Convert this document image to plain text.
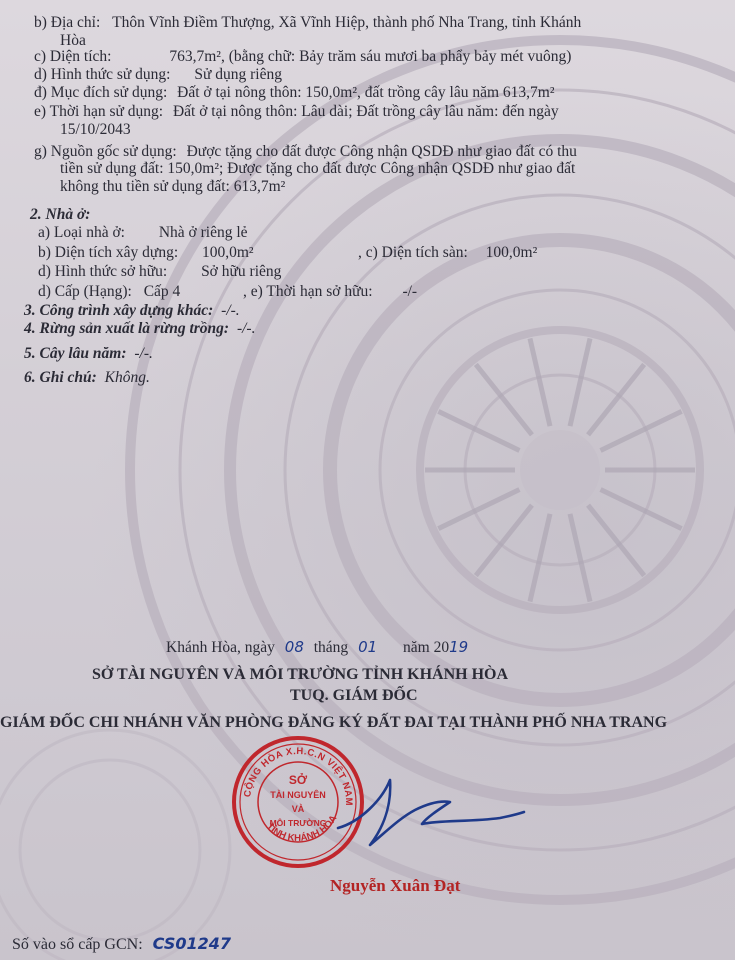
b) Địa chỉ: Thôn Vĩnh Điềm Thượng, Xã Vĩnh Hiệp, thành phố Nha Trang, tỉnh Khánh
Hòa
c) Diện tích:	763,7m², (bằng chữ: Bảy trăm sáu mươi ba phẩy bảy mét vuông)
d) Hình thức sử dụng: Sử dụng riêng
đ) Mục đích sử dụng: Đất ở tại nông thôn: 150,0m², đất trồng cây lâu năm 613,7m²
e) Thời hạn sử dụng: Đất ở tại nông thôn: Lâu dài; Đất trồng cây lâu năm: đến ngày
15/10/2043
g) Nguồn gốc sử dụng: Được tặng cho đất được Công nhận QSDĐ như giao đất có thu
tiền sử dụng đất: 150,0m²; Được tặng cho đất được Công nhận QSDĐ như giao đất
không thu tiền sử dụng đất: 613,7m²
2. Nhà ở:
a) Loại nhà ở: Nhà ở riêng lẻ
b) Diện tích xây dựng: 100,0m²	, c) Diện tích sàn: 100,0m²
d) Hình thức sở hữu: Sở hữu riêng
d) Cấp (Hạng): Cấp 4	, e) Thời hạn sở hữu: -/-
3. Công trình xây dựng khác: -/-.
4. Rừng sản xuất là rừng trồng: -/-.
5. Cây lâu năm: -/-.
6. Ghi chú: Không.
Khánh Hòa, ngày 08 tháng 01 năm 2019
SỞ TÀI NGUYÊN VÀ MÔI TRƯỜNG TỈNH KHÁNH HÒA
TUQ. GIÁM ĐỐC
GIÁM ĐỐC CHI NHÁNH VĂN PHÒNG ĐĂNG KÝ ĐẤT ĐAI TẠI THÀNH PHỐ NHA TRANG
CỘNG HÒA X.H.C.N VIỆT NAM
TỈNH KHÁNH HÒA
SỞ
TÀI NGUYÊN
VÀ
MÔI TRƯỜNG
Nguyễn Xuân Đạt
Số vào sổ cấp GCN: CS01247
